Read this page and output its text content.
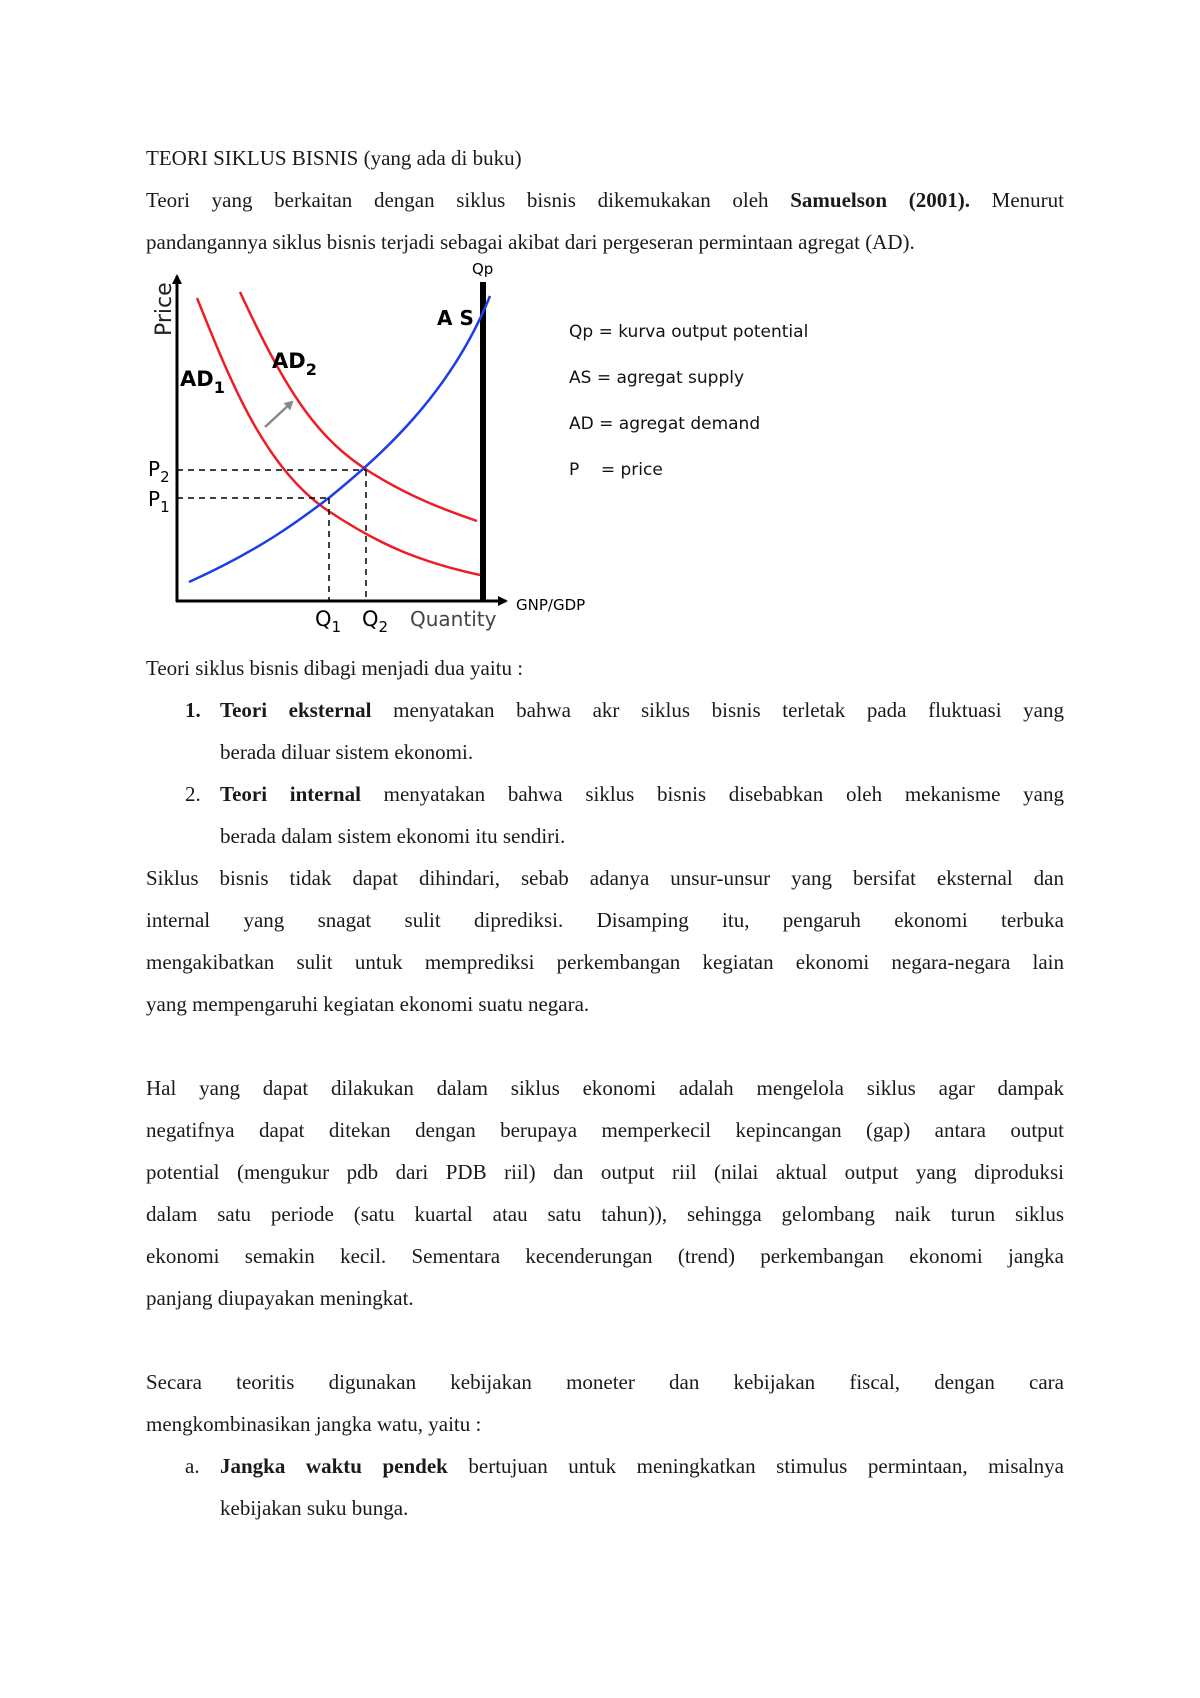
TEORI SIKLUS BISNIS (yang ada di buku)
Teori yang berkaitan dengan siklus bisnis dikemukakan oleh Samuelson (2001). Menurut
pandangannya siklus bisnis terjadi sebagai akibat dari pergeseran permintaan agregat (AD).
Price
Qp
A S
$AD_1$
$AD_2$
$P_2$
$P_1$
$Q_1$ $Q_2$ Quantity
GNP/GDP
Qp = kurva output potential
AS = agregat supply
AD = agregat demand
P    = price
Teori siklus bisnis dibagi menjadi dua yaitu :
1. Teori eksternal menyatakan bahwa akr siklus bisnis terletak pada fluktuasi yang
berada diluar sistem ekonomi.
2. Teori internal menyatakan bahwa siklus bisnis disebabkan oleh mekanisme yang
berada dalam sistem ekonomi itu sendiri.
Siklus bisnis tidak dapat dihindari, sebab adanya unsur-unsur yang bersifat eksternal dan
internal yang snagat sulit diprediksi. Disamping itu, pengaruh ekonomi terbuka
mengakibatkan sulit untuk memprediksi perkembangan kegiatan ekonomi negara-negara lain
yang mempengaruhi kegiatan ekonomi suatu negara.
Hal yang dapat dilakukan dalam siklus ekonomi adalah mengelola siklus agar dampak
negatifnya dapat ditekan dengan berupaya memperkecil kepincangan (gap) antara output
potential (mengukur pdb dari PDB riil) dan output riil (nilai aktual output yang diproduksi
dalam satu periode (satu kuartal atau satu tahun)), sehingga gelombang naik turun siklus
ekonomi semakin kecil. Sementara kecenderungan (trend) perkembangan ekonomi jangka
panjang diupayakan meningkat.
Secara teoritis digunakan kebijakan moneter dan kebijakan fiscal, dengan cara
mengkombinasikan jangka watu, yaitu :
a. Jangka waktu pendek bertujuan untuk meningkatkan stimulus permintaan, misalnya
kebijakan suku bunga.
